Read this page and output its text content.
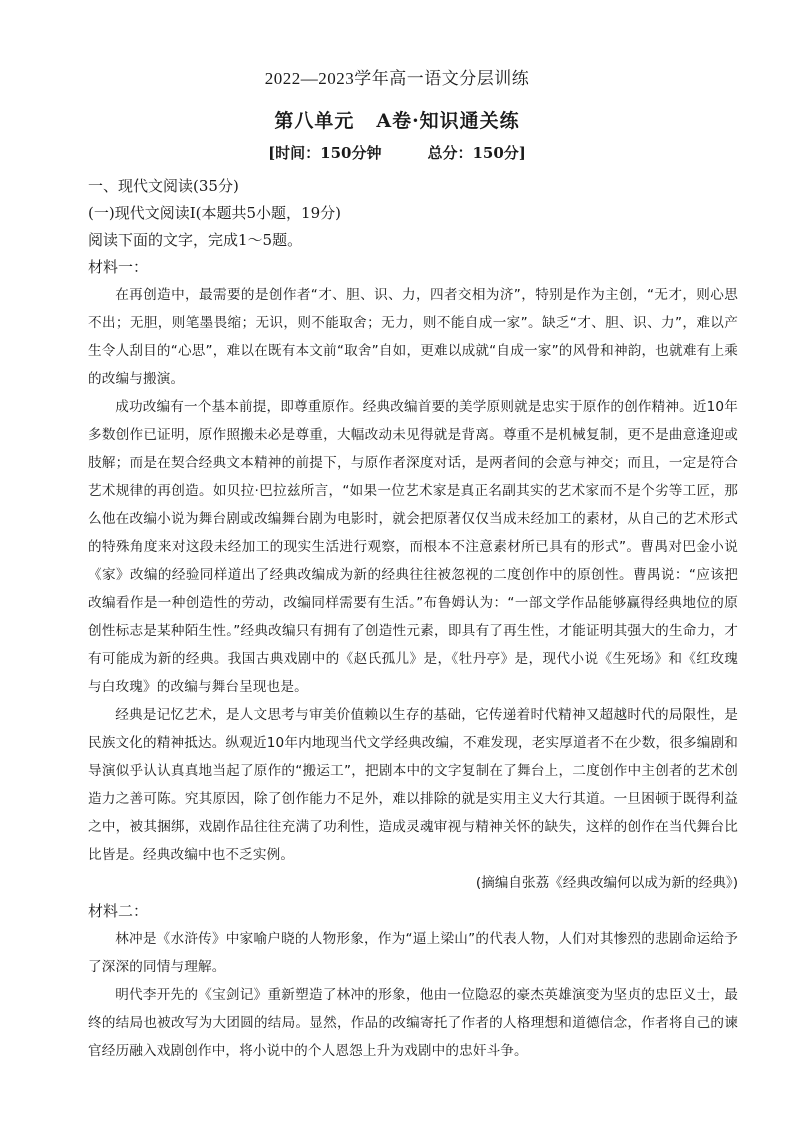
2022—2023学年高一语文分层训练
第八单元 A卷·知识通关练
[时间：150分钟	总分：150分]

一、现代文阅读(35分)

(一)现代文阅读Ⅰ(本题共5小题，19分)

阅读下面的文字，完成1～5题。

材料一：

在再创造中，最需要的是创作者“才、胆、识、力，四者交相为济”，特别是作为主创，“无才，则心思不出；无胆，则笔墨畏缩；无识，则不能取舍；无力，则不能自成一家”。缺乏“才、胆、识、力”，难以产生令人刮目的“心思”，难以在既有本文前“取舍”自如，更难以成就“自成一家”的风骨和神韵，也就难有上乘的改编与搬演。

成功改编有一个基本前提，即尊重原作。经典改编首要的美学原则就是忠实于原作的创作精神。近10年多数创作已证明，原作照搬未必是尊重，大幅改动未见得就是背离。尊重不是机械复制，更不是曲意逢迎或肢解；而是在契合经典文本精神的前提下，与原作者深度对话，是两者间的会意与神交；而且，一定是符合艺术规律的再创造。如贝拉·巴拉兹所言，“如果一位艺术家是真正名副其实的艺术家而不是个劣等工匠，那么他在改编小说为舞台剧或改编舞台剧为电影时，就会把原著仅仅当成未经加工的素材，从自己的艺术形式的特殊角度来对这段未经加工的现实生活进行观察，而根本不注意素材所已具有的形式”。曹禺对巴金小说《家》改编的经验同样道出了经典改编成为新的经典往往被忽视的二度创作中的原创性。曹禺说：“应该把改编看作是一种创造性的劳动，改编同样需要有生活。”布鲁姆认为：“一部文学作品能够赢得经典地位的原创性标志是某种陌生性。”经典改编只有拥有了创造性元素，即具有了再生性，才能证明其强大的生命力，才有可能成为新的经典。我国古典戏剧中的《赵氏孤儿》是，《牡丹亭》是，现代小说《生死场》和《红玫瑰与白玫瑰》的改编与舞台呈现也是。

经典是记忆艺术，是人文思考与审美价值赖以生存的基础，它传递着时代精神又超越时代的局限性，是民族文化的精神抵达。纵观近10年内地现当代文学经典改编，不难发现，老实厚道者不在少数，很多编剧和导演似乎认认真真地当起了原作的“搬运工”，把剧本中的文字复制在了舞台上，二度创作中主创者的艺术创造力之善可陈。究其原因，除了创作能力不足外，难以排除的就是实用主义大行其道。一旦困顿于既得利益之中，被其捆绑，戏剧作品往往充满了功利性，造成灵魂审视与精神关怀的缺失，这样的创作在当代舞台比比皆是。经典改编中也不乏实例。

(摘编自张荔《经典改编何以成为新的经典》)

材料二：

林冲是《水浒传》中家喻户晓的人物形象，作为“逼上梁山”的代表人物，人们对其惨烈的悲剧命运给予了深深的同情与理解。

明代李开先的《宝剑记》重新塑造了林冲的形象，他由一位隐忍的豪杰英雄演变为坚贞的忠臣义士，最终的结局也被改写为大团圆的结局。显然，作品的改编寄托了作者的人格理想和道德信念，作者将自己的谏官经历融入戏剧创作中，将小说中的个人恩怨上升为戏剧中的忠奸斗争。
